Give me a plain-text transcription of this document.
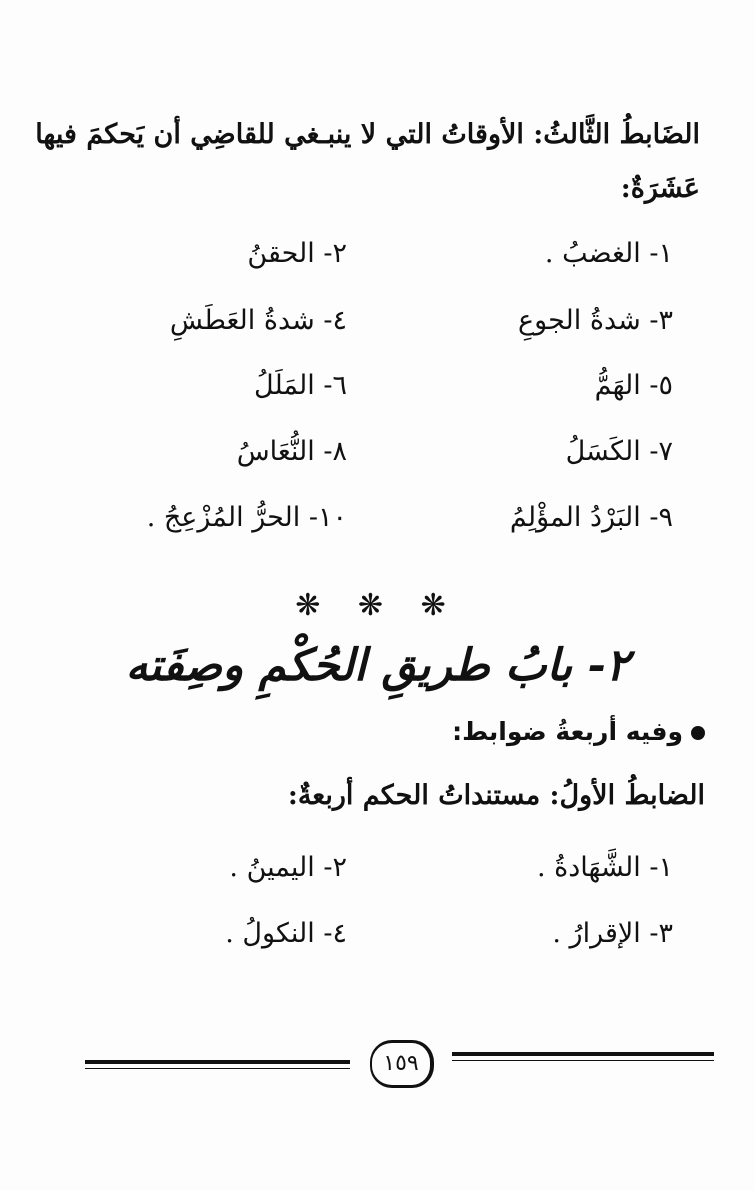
الضَابطُ الثَّالثُ: الأوقاتُ التي لا ينبـغي للقاضِي أن يَحكمَ فيها
عَشَرَةٌ:
١- الغضبُ .
٢- الحقنُ
٣- شدةُ الجوعِ
٤- شدةُ العَطَشِ
٥- الهَمُّ
٦- المَلَلُ
٧- الكَسَلُ
٨- النُّعَاسُ
٩- البَرْدُ المؤْلِمُ
١٠- الحرُّ المُزْعِجُ .
❋ ❋ ❋
٢- بابُ طريقِ الحُكْمِ وصِفَته
وفيه أربعةُ ضوابط:
الضابطُ الأولُ: مستنداتُ الحكم أربعةٌ:
١- الشَّهَادةُ .
٢- اليمينُ .
٣- الإقرارُ .
٤- النكولُ .
١٥٩
